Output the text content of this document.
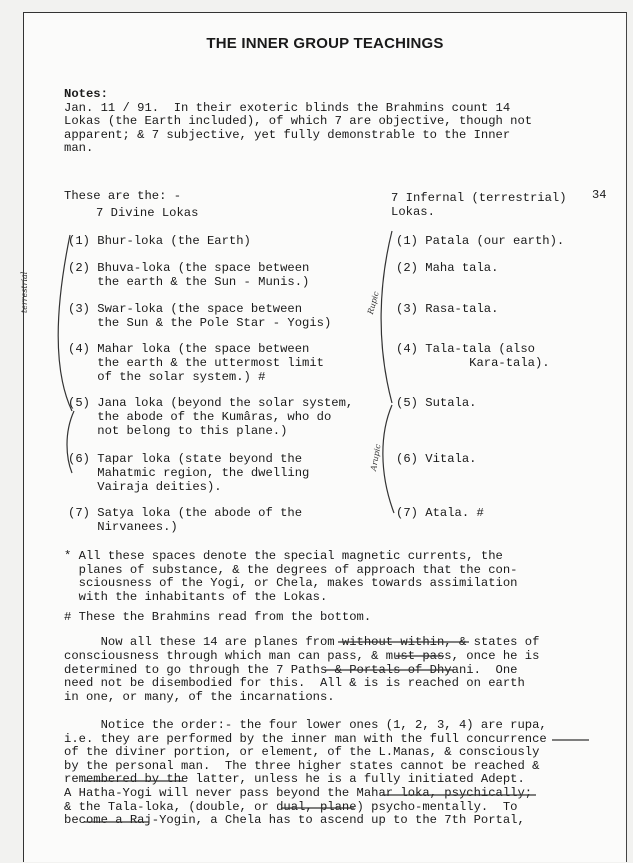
THE INNER GROUP TEACHINGS
Notes:
Jan. 11 / 91.  In their exoteric blinds the Brahmins count 14
Lokas (the Earth included), of which 7 are objective, though not
apparent; & 7 subjective, yet fully demonstrable to the Inner
man.
These are the: -
7 Divine Lokas
7 Infernal (terrestrial)
Lokas.
34
(1) Bhur-loka (the Earth)
(2) Bhuva-loka (the space between
the earth & the Sun - Munis.)
(3) Swar-loka (the space between
the Sun & the Pole Star - Yogis)
(4) Mahar loka (the space between
the earth & the uttermost limit
of the solar system.) #
(5) Jana loka (beyond the solar system,
the abode of the Kumâras, who do
not belong to this plane.)
(6) Tapar loka (state beyond the
Mahatmic region, the dwelling
Vairaja deities).
(7) Satya loka (the abode of the
Nirvanees.)
(1) Patala (our earth).
(2) Maha tala.
(3) Rasa-tala.
(4) Tala-tala (also
Kara-tala).
(5) Sutala.
(6) Vitala.
(7) Atala. #
terrestrial	Rupic
Arupic
* All these spaces denote the special magnetic currents, the
planes of substance, & the degrees of approach that the con-
sciousness of the Yogi, or Chela, makes towards assimilation
with the inhabitants of the Lokas.
# These the Brahmins read from the bottom.
Now all these 14 are planes from without within, & states of
consciousness through which man can pass, & must pass, once he is
determined to go through the 7 Paths & Portals of Dhyani.  One
need not be disembodied for this.  All & is is reached on earth
in one, or many, of the incarnations.
Notice the order:- the four lower ones (1, 2, 3, 4) are rupa,
i.e. they are performed by the inner man with the full concurrence
of the diviner portion, or element, of the L.Manas, & consciously
by the personal man.  The three higher states cannot be reached &
remembered by the latter, unless he is a fully initiated Adept.
A Hatha-Yogi will never pass beyond the Mahar loka, psychically;
& the Tala-loka, (double, or dual, plane) psycho-mentally.  To
become a Raj-Yogin, a Chela has to ascend up to the 7th Portal,
